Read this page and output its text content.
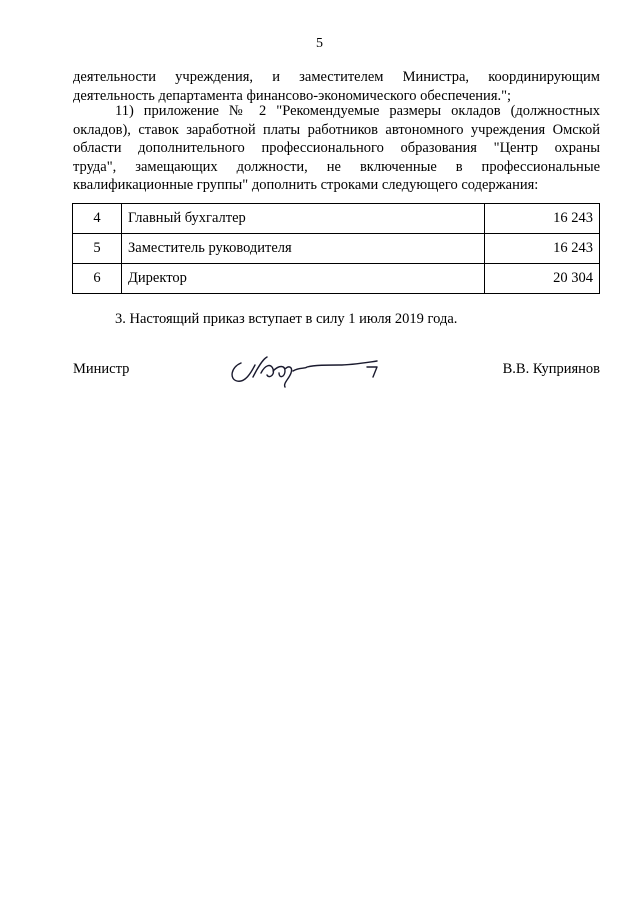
5
деятельности учреждения, и заместителем Министра, координирующим
деятельность департамента финансово-экономического обеспечения.";
11) приложение № 2 "Рекомендуемые размеры окладов (должностных
окладов), ставок заработной платы работников автономного учреждения Омской
области дополнительного профессионального образования "Центр охраны
труда", замещающих должности, не включенные в профессиональные
квалификационные группы" дополнить строками следующего содержания:
4	Главный бухгалтер	16 243
5	Заместитель руководителя	16 243
6	Директор	20 304
3. Настоящий приказ вступает в силу 1 июля 2019 года.
Министр	В.В. Куприянов
